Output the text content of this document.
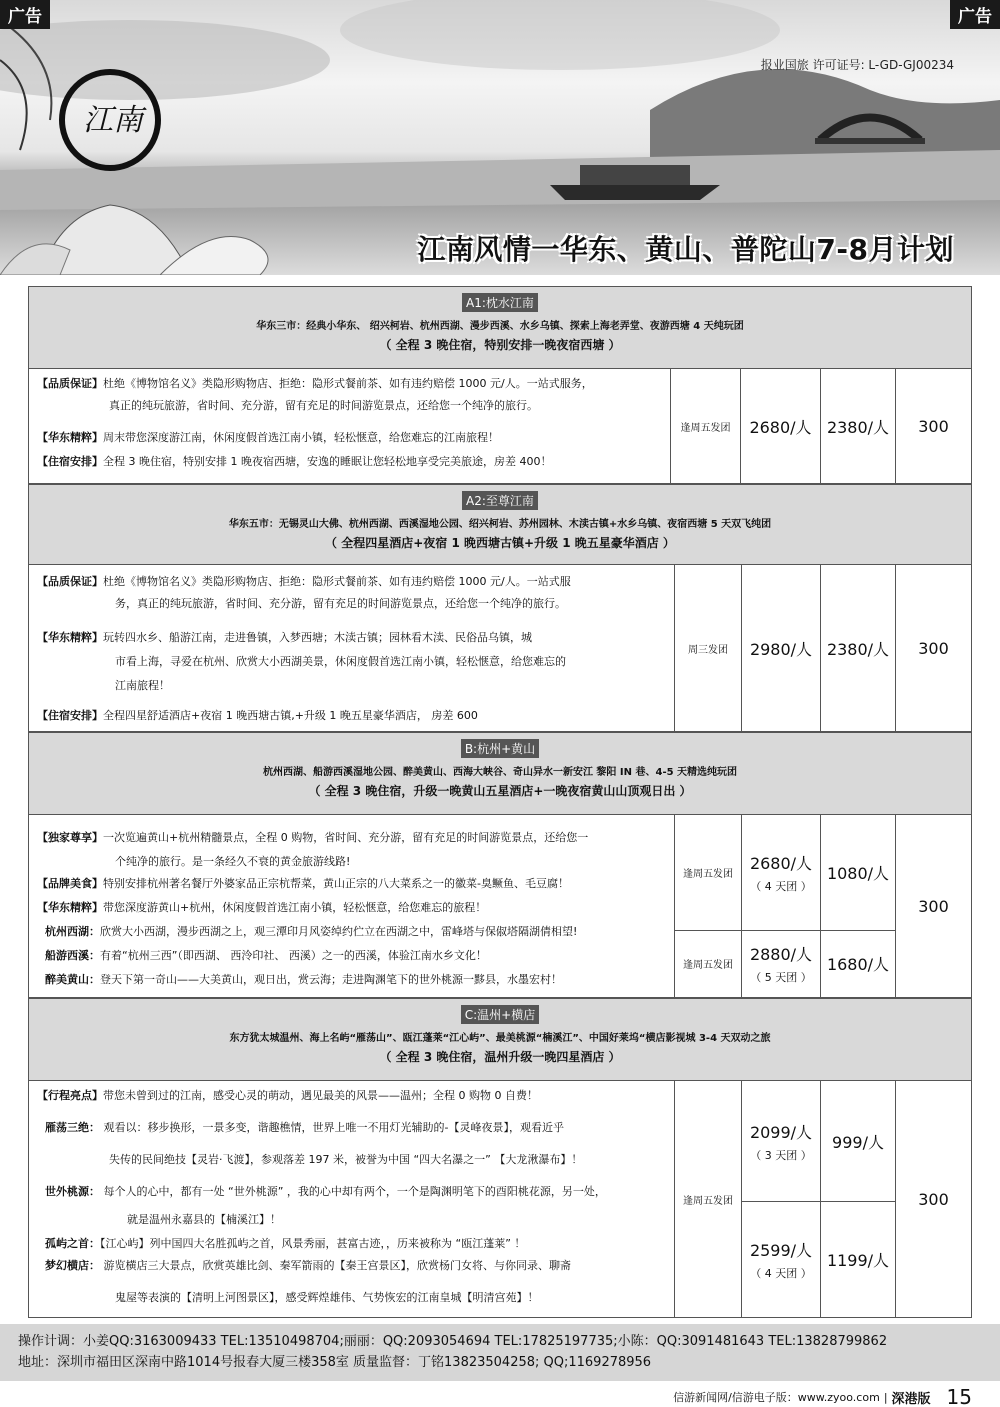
江南
报业国旅 许可证号: L-GD-GJ00234
江南风情一华东、黄山、普陀山7-8月计划
广告	广告
A1:枕水江南
华东三市：经典小华东、 绍兴柯岩、杭州西湖、漫步西溪、水乡乌镇、探索上海老弄堂、夜游西塘 4 天纯玩团
（ 全程 3 晚住宿，特别安排一晚夜宿西塘 ）
【品质保证】杜绝《博物馆名义》类隐形购物店、拒绝：隐形式餐前茶、如有违约赔偿 1000 元/人。一站式服务，
真正的纯玩旅游，省时间、充分游，留有充足的时间游览景点，还给您一个纯净的旅行。
【华东精粹】周末带您深度游江南，休闲度假首选江南小镇，轻松惬意，给您难忘的江南旅程！
【住宿安排】全程 3 晚住宿，特别安排 1 晚夜宿西塘，安逸的睡眠让您轻松地享受完美旅途，房差 400！
逢周五发团 2680/人 2380/人 300
A2:至尊江南
华东五市：无锡灵山大佛、杭州西湖、西溪湿地公园、绍兴柯岩、苏州园林、木渎古镇+水乡乌镇、夜宿西塘 5 天双飞纯团
（ 全程四星酒店+夜宿 1 晚西塘古镇+升级 1 晚五星豪华酒店 ）
【品质保证】杜绝《博物馆名义》类隐形购物店、拒绝：隐形式餐前茶、如有违约赔偿 1000 元/人。一站式服
务，真正的纯玩旅游，省时间、充分游，留有充足的时间游览景点，还给您一个纯净的旅行。
【华东精粹】玩转四水乡、船游江南，走进鲁镇，入梦西塘；木渎古镇；园林看木渎、民俗品乌镇，城
市看上海，寻爱在杭州、欣赏大小西湖美景，休闲度假首选江南小镇，轻松惬意，给您难忘的
江南旅程！
【住宿安排】全程四星舒适酒店+夜宿 1 晚西塘古镇,+升级 1 晚五星豪华酒店， 房差 600
周三发团 2980/人 2380/人 300
B:杭州+黄山
杭州西湖、船游西溪湿地公园、醉美黄山、西海大峡谷、奇山异水一新安江 黎阳 IN 巷、4-5 天精选纯玩团
（ 全程 3 晚住宿，升级一晚黄山五星酒店+一晚夜宿黄山山顶观日出 ）
【独家尊享】一次览遍黄山+杭州精髓景点，全程 0 购物，省时间、充分游，留有充足的时间游览景点，还给您一
个纯净的旅行。是一条经久不衰的黄金旅游线路!
【品牌美食】特别安排杭州著名餐厅外婆家品正宗杭帮菜，黄山正宗的八大菜系之一的徽菜-臭鳜鱼、毛豆腐！
【华东精粹】带您深度游黄山+杭州，休闲度假首选江南小镇，轻松惬意，给您难忘的旅程！
杭州西湖：欣赏大小西湖，漫步西湖之上，观三潭印月风姿绰约伫立在西湖之中，雷峰塔与保俶塔隔湖倩相望!
船游西溪：有着“杭州三西”（即西湖、 西泠印社、 西溪）之一的西溪，体验江南水乡文化！
醉美黄山：登天下第一奇山——大美黄山，观日出，赏云海；走进陶渊笔下的世外桃源一黟县，水墨宏村！
逢周五发团
2680/人
（ 4 天团 ）
1080/人
逢周五发团
2880/人
（ 5 天团 ）
1680/人
300
C:温州+横店
东方犹太城温州、海上名屿“雁荡山”、瓯江蓬莱“江心屿”、最美桃源“楠溪江”、中国好莱坞“横店影视城 3-4 天双动之旅
（ 全程 3 晚住宿，温州升级一晚四星酒店 ）
【行程亮点】带您未曾到过的江南，感受心灵的萌动，遇见最美的风景——温州；全程 0 购物 0 自费！
雁荡三绝： 观看以：移步换形，一景多变，谐趣樵情，世界上唯一不用灯光辅助的-【灵峰夜景】，观看近乎
失传的民间绝技【灵岩·飞渡】，参观落差 197 米，被誉为中国 “四大名瀑之一” 【大龙湫瀑布】！
世外桃源： 每个人的心中，都有一处 “世外桃源” ，我的心中却有两个，一个是陶渊明笔下的酉阳桃花源，另一处，
就是温州永嘉县的【楠溪江】！
孤屿之首：【江心屿】列中国四大名胜孤屿之首，风景秀丽，甚富古迹，，历来被称为 “瓯江蓬莱” ！
梦幻横店： 游览横店三大景点，欣赏英雄比剑、秦军箭雨的【秦王宫景区】，欣赏杨门女将、与你同录、聊斋
鬼屋等表演的【清明上河图景区】，感受辉煌雄伟、气势恢宏的江南皇城【明清宫苑】！
逢周五发团
2099/人
（ 3 天团 ）
999/人
2599/人
（ 4 天团 ）
1199/人
300
操作计调：小姜QQ:3163009433 TEL:13510498704;丽丽：QQ:2093054694 TEL:17825197735;小陈：QQ:3091481643 TEL:13828799862
地址：深圳市福田区深南中路1014号报春大厦三楼358室 质量监督：丁铭13823504258; QQ;1169278956
信游新闻网/信游电子版：www.zyoo.com | 深港版 15
